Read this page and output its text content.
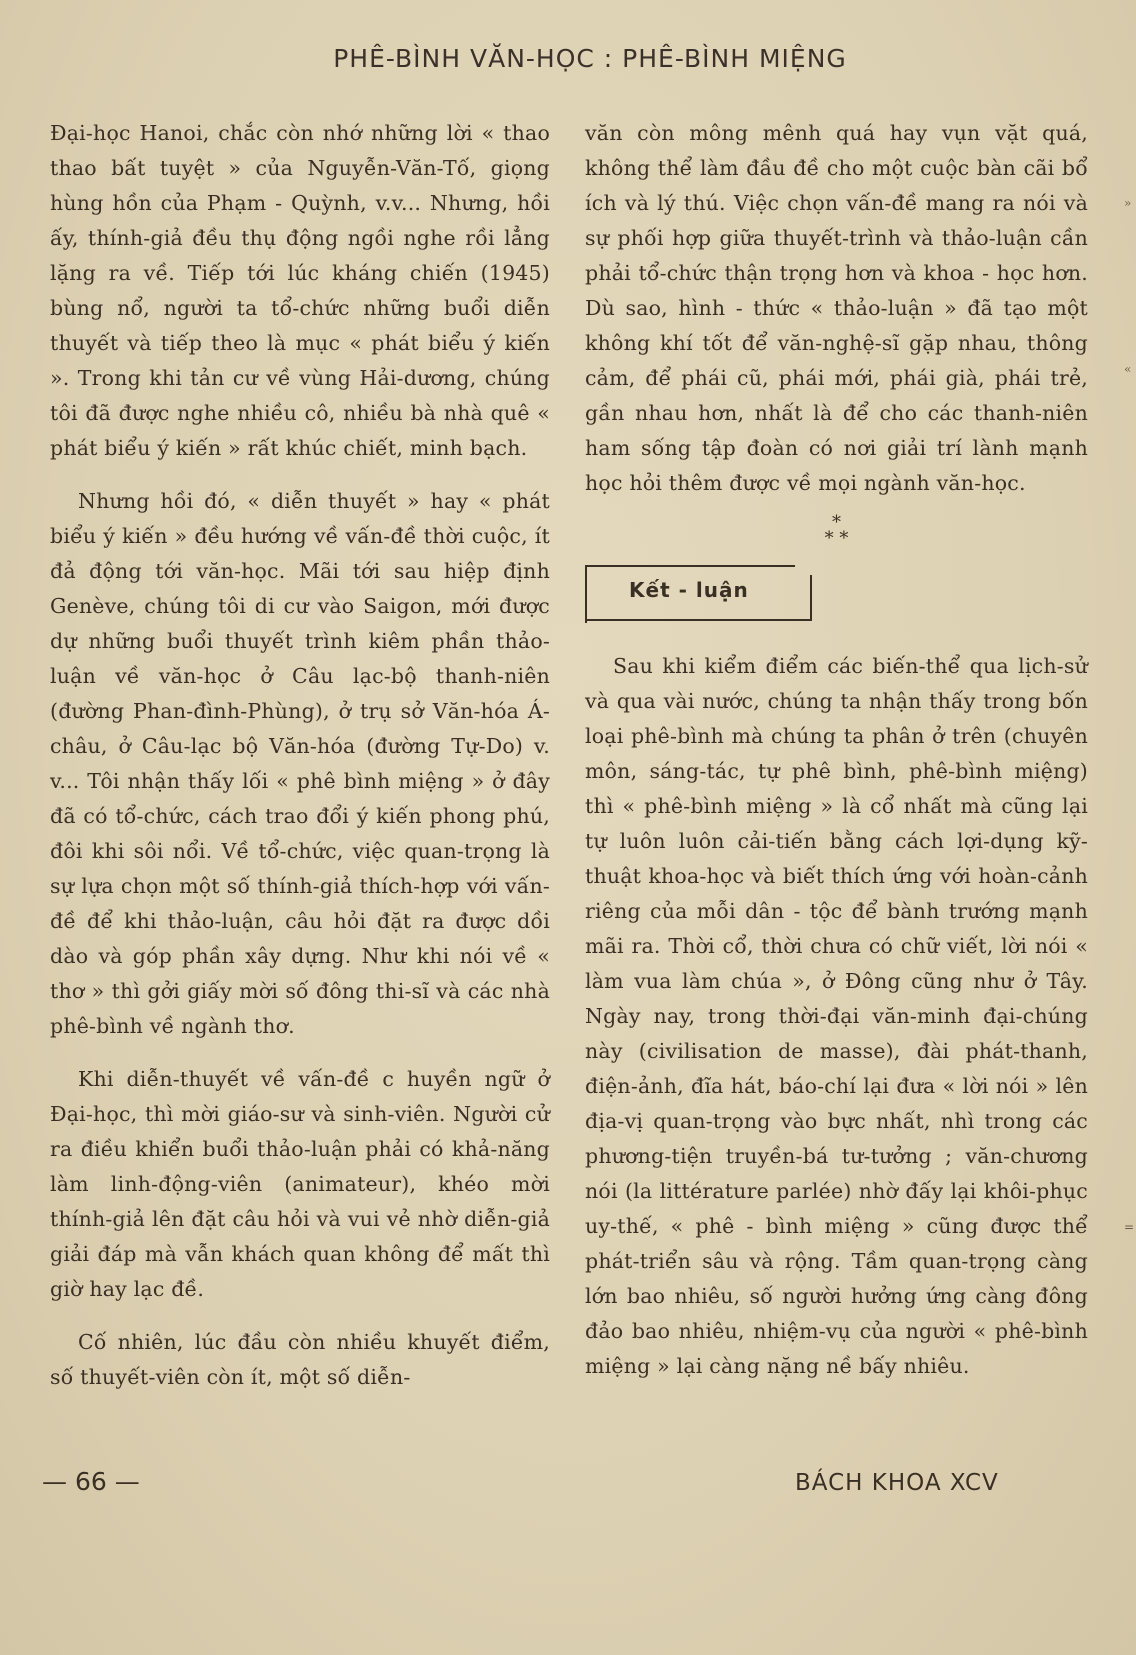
PHÊ-BÌNH VĂN-HỌC : PHÊ-BÌNH MIỆNG

Đại-học Hanoi, chắc còn nhớ những lời « thao thao bất tuyệt » của Nguyễn-Văn-Tố, giọng hùng hồn của Phạm - Quỳnh, v.v... Nhưng, hồi ấy, thính-giả đều thụ động ngồi nghe rồi lẳng lặng ra về. Tiếp tới lúc kháng chiến (1945) bùng nổ, người ta tổ-chức những buổi diễn thuyết và tiếp theo là mục « phát biểu ý kiến ». Trong khi tản cư về vùng Hải-dương, chúng tôi đã được nghe nhiều cô, nhiều bà nhà quê « phát biểu ý kiến » rất khúc chiết, minh bạch.

Nhưng hồi đó, « diễn thuyết » hay « phát biểu ý kiến » đều hướng về vấn-đề thời cuộc, ít đả động tới văn-học. Mãi tới sau hiệp định Genève, chúng tôi di cư vào Saigon, mới được dự những buổi thuyết trình kiêm phần thảo-luận về văn-học ở Câu lạc-bộ thanh-niên (đường Phan-đình-Phùng), ở trụ sở Văn-hóa Á-châu, ở Câu-lạc bộ Văn-hóa (đường Tự-Do) v. v... Tôi nhận thấy lối « phê bình miệng » ở đây đã có tổ-chức, cách trao đổi ý kiến phong phú, đôi khi sôi nổi. Về tổ-chức, việc quan-trọng là sự lựa chọn một số thính-giả thích-hợp với vấn-đề để khi thảo-luận, câu hỏi đặt ra được dồi dào và góp phần xây dựng. Như khi nói về « thơ » thì gởi giấy mời số đông thi-sĩ và các nhà phê-bình về ngành thơ.

Khi diễn-thuyết về vấn-đề c huyền ngữ ở Đại-học, thì mời giáo-sư và sinh-viên. Người cử ra điều khiển buổi thảo-luận phải có khả-năng làm linh-động-viên (animateur), khéo mời thính-giả lên đặt câu hỏi và vui vẻ nhờ diễn-giả giải đáp mà vẫn khách quan không để mất thì giờ hay lạc đề.

Cố nhiên, lúc đầu còn nhiều khuyết điểm, số thuyết-viên còn ít, một số diễn-

văn còn mông mênh quá hay vụn vặt quá, không thể làm đầu đề cho một cuộc bàn cãi bổ ích và lý thú. Việc chọn vấn-đề mang ra nói và sự phối hợp giữa thuyết-trình và thảo-luận cần phải tổ-chức thận trọng hơn và khoa - học hơn. Dù sao, hình - thức « thảo-luận » đã tạo một không khí tốt để văn-nghệ-sĩ gặp nhau, thông cảm, để phái cũ, phái mới, phái già, phái trẻ, gần nhau hơn, nhất là để cho các thanh-niên ham sống tập đoàn có nơi giải trí lành mạnh học hỏi thêm được về mọi ngành văn-học.

*
* *
Kết - luận

Sau khi kiểm điểm các biến-thể qua lịch-sử và qua vài nước, chúng ta nhận thấy trong bốn loại phê-bình mà chúng ta phân ở trên (chuyên môn, sáng-tác, tự phê bình, phê-bình miệng) thì « phê-bình miệng » là cổ nhất mà cũng lại tự luôn luôn cải-tiến bằng cách lợi-dụng kỹ-thuật khoa-học và biết thích ứng với hoàn-cảnh riêng của mỗi dân - tộc để bành trướng mạnh mãi ra. Thời cổ, thời chưa có chữ viết, lời nói « làm vua làm chúa », ở Đông cũng như ở Tây. Ngày nay, trong thời-đại văn-minh đại-chúng này (civilisation de masse), đài phát-thanh, điện-ảnh, đĩa hát, báo-chí lại đưa « lời nói » lên địa-vị quan-trọng vào bực nhất, nhì trong các phương-tiện truyền-bá tư-tưởng ; văn-chương nói (la littérature parlée) nhờ đấy lại khôi-phục uy-thế, « phê - bình miệng » cũng được thể phát-triển sâu và rộng. Tầm quan-trọng càng lớn bao nhiêu, số người hưởng ứng càng đông đảo bao nhiêu, nhiệm-vụ của người « phê-bình miệng » lại càng nặng nề bấy nhiêu.

— 66 —	BÁCH KHOA XCV
»
«
=
